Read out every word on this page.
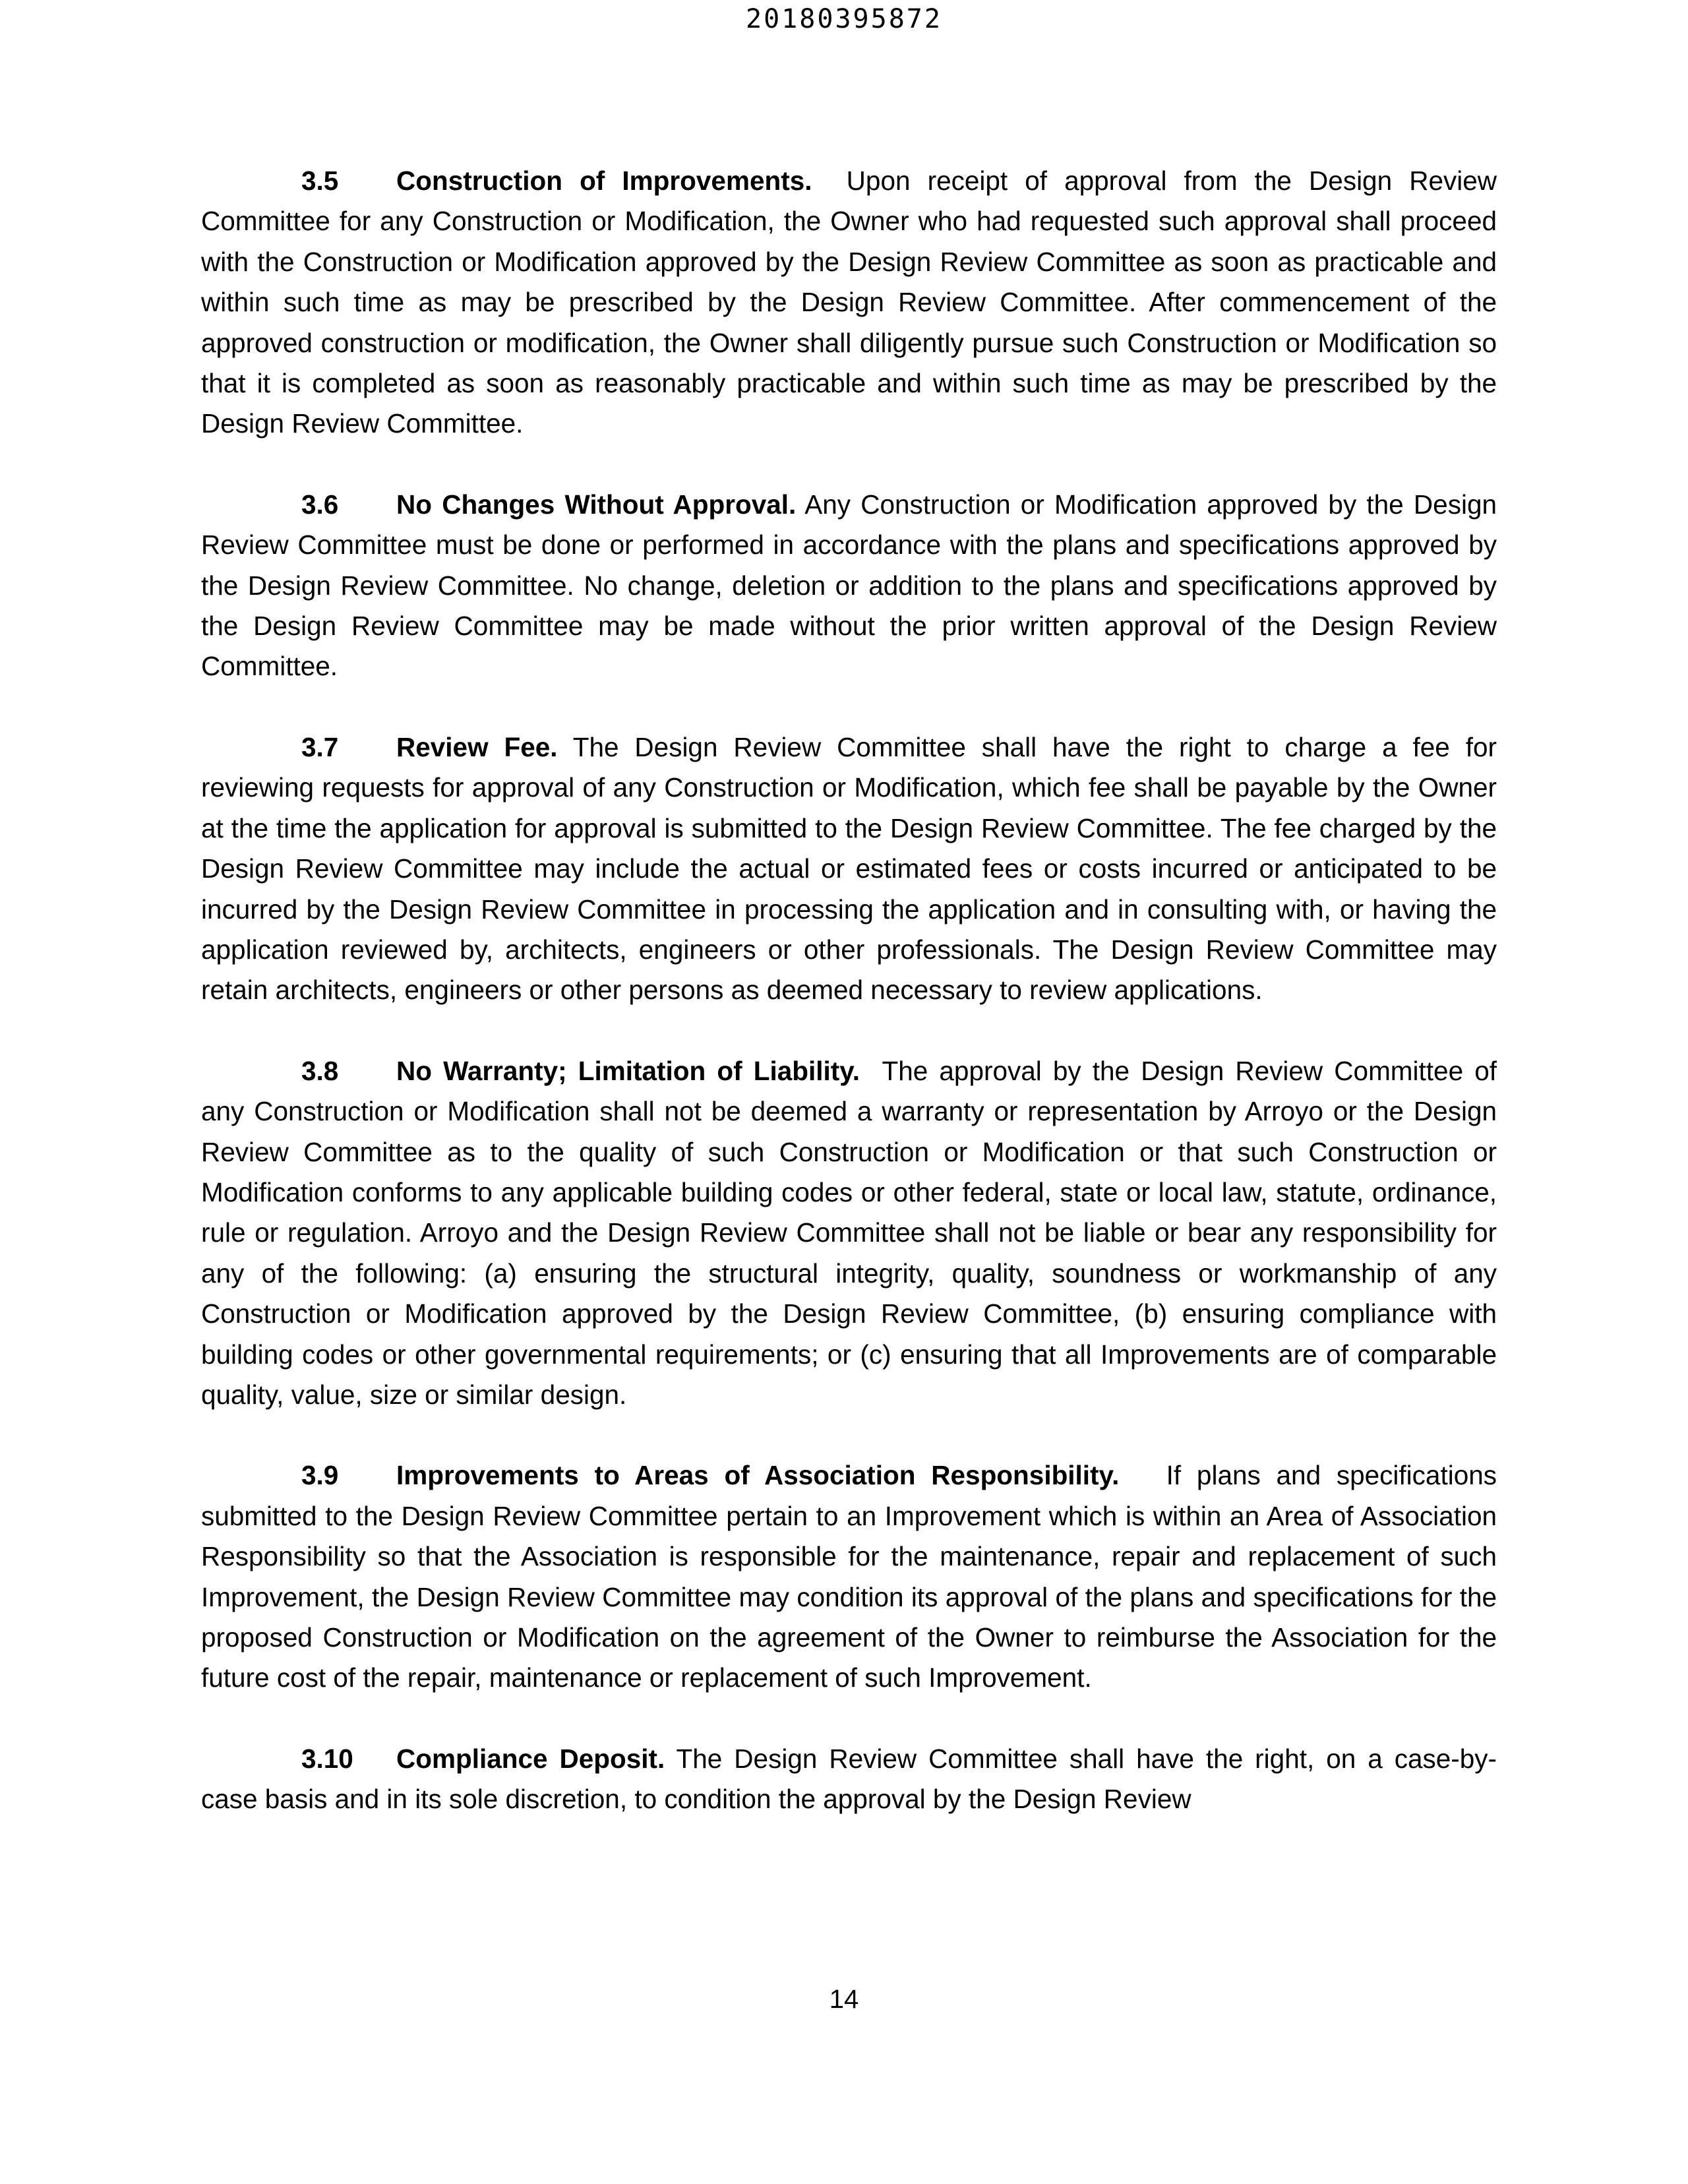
20180395872

3.5 Construction of Improvements. Upon receipt of approval from the Design Review Committee for any Construction or Modification, the Owner who had requested such approval shall proceed with the Construction or Modification approved by the Design Review Committee as soon as practicable and within such time as may be prescribed by the Design Review Committee. After commencement of the approved construction or modification, the Owner shall diligently pursue such Construction or Modification so that it is completed as soon as reasonably practicable and within such time as may be prescribed by the Design Review Committee.

3.6 No Changes Without Approval. Any Construction or Modification approved by the Design Review Committee must be done or performed in accordance with the plans and specifications approved by the Design Review Committee. No change, deletion or addition to the plans and specifications approved by the Design Review Committee may be made without the prior written approval of the Design Review Committee.

3.7 Review Fee. The Design Review Committee shall have the right to charge a fee for reviewing requests for approval of any Construction or Modification, which fee shall be payable by the Owner at the time the application for approval is submitted to the Design Review Committee. The fee charged by the Design Review Committee may include the actual or estimated fees or costs incurred or anticipated to be incurred by the Design Review Committee in processing the application and in consulting with, or having the application reviewed by, architects, engineers or other professionals. The Design Review Committee may retain architects, engineers or other persons as deemed necessary to review applications.

3.8 No Warranty; Limitation of Liability. The approval by the Design Review Committee of any Construction or Modification shall not be deemed a warranty or representation by Arroyo or the Design Review Committee as to the quality of such Construction or Modification or that such Construction or Modification conforms to any applicable building codes or other federal, state or local law, statute, ordinance, rule or regulation. Arroyo and the Design Review Committee shall not be liable or bear any responsibility for any of the following: (a) ensuring the structural integrity, quality, soundness or workmanship of any Construction or Modification approved by the Design Review Committee, (b) ensuring compliance with building codes or other governmental requirements; or (c) ensuring that all Improvements are of comparable quality, value, size or similar design.

3.9 Improvements to Areas of Association Responsibility. If plans and specifications submitted to the Design Review Committee pertain to an Improvement which is within an Area of Association Responsibility so that the Association is responsible for the maintenance, repair and replacement of such Improvement, the Design Review Committee may condition its approval of the plans and specifications for the proposed Construction or Modification on the agreement of the Owner to reimburse the Association for the future cost of the repair, maintenance or replacement of such Improvement.

3.10 Compliance Deposit. The Design Review Committee shall have the right, on a case-by-case basis and in its sole discretion, to condition the approval by the Design Review

14
